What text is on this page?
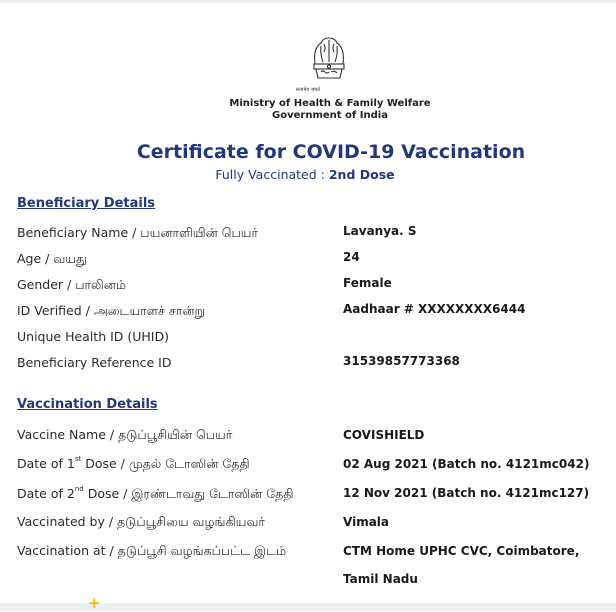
सत्यमेव जयते
Ministry of Health & Family Welfare
Government of India
Certificate for COVID-19 Vaccination
Fully Vaccinated : 2nd Dose
Beneficiary Details
Beneficiary Name / பயனாளியின் பெயர்	Lavanya. S
Age / வயது	24
Gender / பாலினம்	Female
ID Verified / அடையாளச் சான்று	Aadhaar # XXXXXXXX6444
Unique Health ID (UHID)
Beneficiary Reference ID	31539857773368
Vaccination Details
Vaccine Name / தடுப்பூசியின் பெயர்	COVISHIELD
Date of 1st Dose / முதல் டோஸின் தேதி	02 Aug 2021 (Batch no. 4121mc042)
Date of 2nd Dose / இரண்டாவது டோஸின் தேதி	12 Nov 2021 (Batch no. 4121mc127)
Vaccinated by / தடுப்பூசியை வழங்கியவர்	Vimala
Vaccination at / தடுப்பூசி வழங்கப்பட்ட இடம்	CTM Home UPHC CVC, Coimbatore,
Tamil Nadu
+
